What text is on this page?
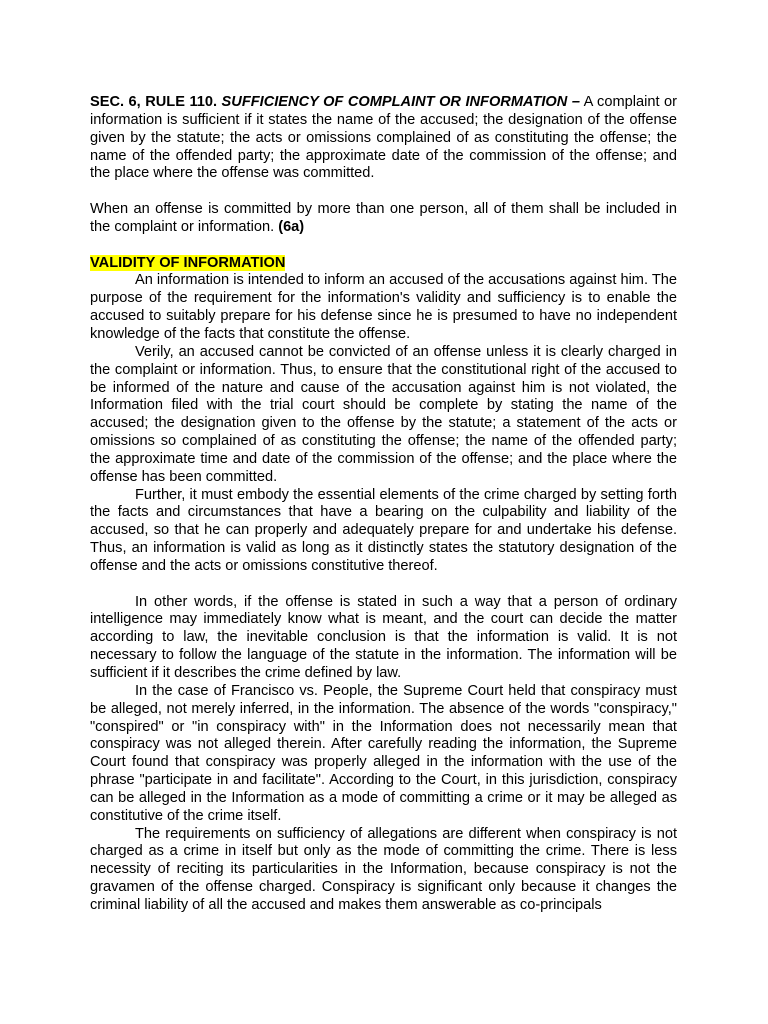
SEC. 6, RULE 110. SUFFICIENCY OF COMPLAINT OR INFORMATION – A complaint or information is sufficient if it states the name of the accused; the designation of the offense given by the statute; the acts or omissions complained of as constituting the offense; the name of the offended party; the approximate date of the commission of the offense; and the place where the offense was committed.

When an offense is committed by more than one person, all of them shall be included in the complaint or information. (6a)

VALIDITY OF INFORMATION

An information is intended to inform an accused of the accusations against him. The purpose of the requirement for the information's validity and sufficiency is to enable the accused to suitably prepare for his defense since he is presumed to have no independent knowledge of the facts that constitute the offense.

Verily, an accused cannot be convicted of an offense unless it is clearly charged in the complaint or information. Thus, to ensure that the constitutional right of the accused to be informed of the nature and cause of the accusation against him is not violated, the Information filed with the trial court should be complete by stating the name of the accused; the designation given to the offense by the statute; a statement of the acts or omissions so complained of as constituting the offense; the name of the offended party; the approximate time and date of the commission of the offense; and the place where the offense has been committed.

Further, it must embody the essential elements of the crime charged by setting forth the facts and circumstances that have a bearing on the culpability and liability of the accused, so that he can properly and adequately prepare for and undertake his defense. Thus, an information is valid as long as it distinctly states the statutory designation of the offense and the acts or omissions constitutive thereof.

In other words, if the offense is stated in such a way that a person of ordinary intelligence may immediately know what is meant, and the court can decide the matter according to law, the inevitable conclusion is that the information is valid. It is not necessary to follow the language of the statute in the information. The information will be sufficient if it describes the crime defined by law.

In the case of Francisco vs. People, the Supreme Court held that conspiracy must be alleged, not merely inferred, in the information. The absence of the words "conspiracy," "conspired" or "in conspiracy with" in the Information does not necessarily mean that conspiracy was not alleged therein. After carefully reading the information, the Supreme Court found that conspiracy was properly alleged in the information with the use of the phrase "participate in and facilitate". According to the Court, in this jurisdiction, conspiracy can be alleged in the Information as a mode of committing a crime or it may be alleged as constitutive of the crime itself.

The requirements on sufficiency of allegations are different when conspiracy is not charged as a crime in itself but only as the mode of committing the crime. There is less necessity of reciting its particularities in the Information, because conspiracy is not the gravamen of the offense charged. Conspiracy is significant only because it changes the criminal liability of all the accused and makes them answerable as co-principals
